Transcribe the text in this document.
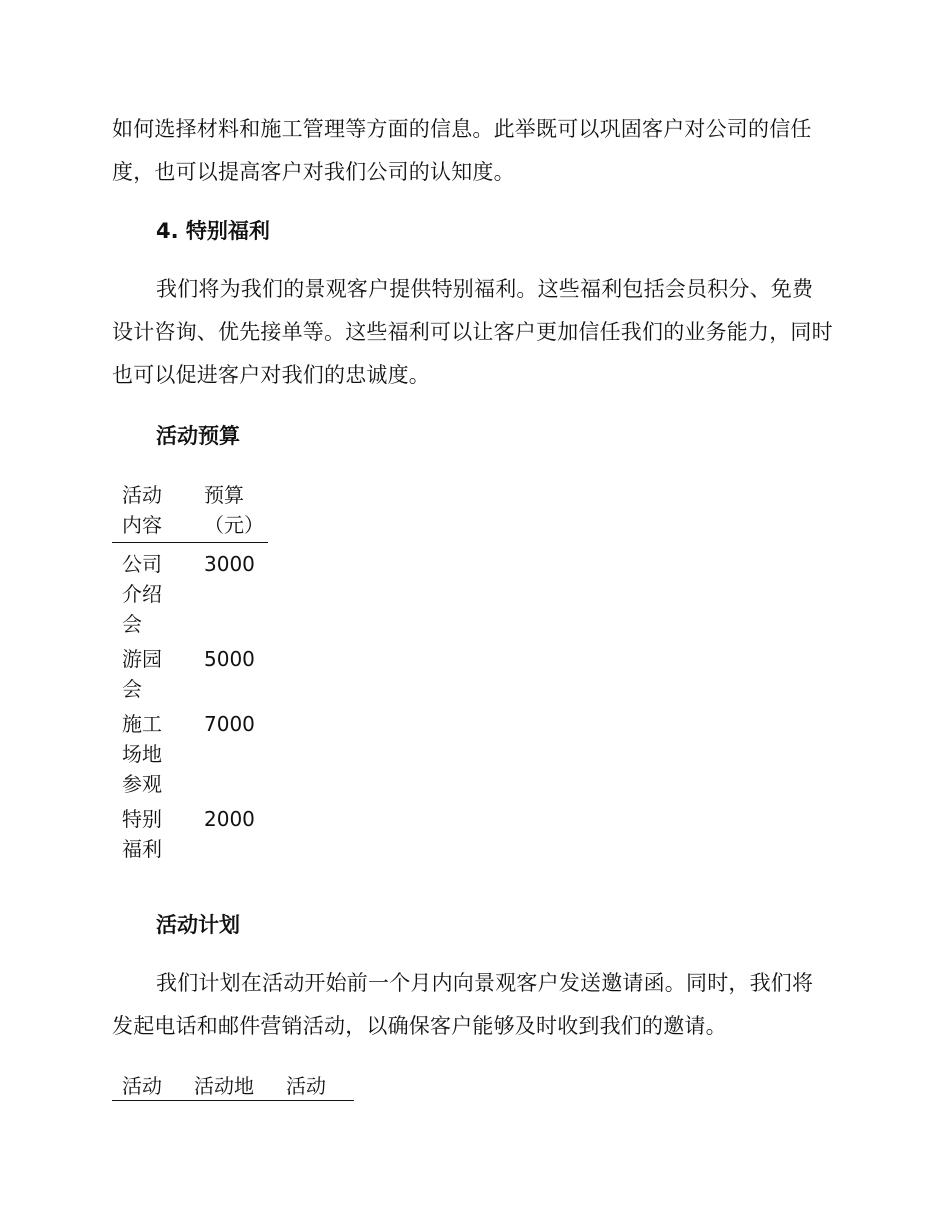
如何选择材料和施工管理等方面的信息。此举既可以巩固客户对公司的信任度，也可以提高客户对我们公司的认知度。

4. 特别福利

我们将为我们的景观客户提供特别福利。这些福利包括会员积分、免费设计咨询、优先接单等。这些福利可以让客户更加信任我们的业务能力，同时也可以促进客户对我们的忠诚度。

活动预算
活动内容	预算（元）

公司介绍会	3000

游园会	5000

施工场地参观	7000

特别福利	2000
活动计划

我们计划在活动开始前一个月内向景观客户发送邀请函。同时，我们将发起电话和邮件营销活动，以确保客户能够及时收到我们的邀请。

活动 活动地 活动
